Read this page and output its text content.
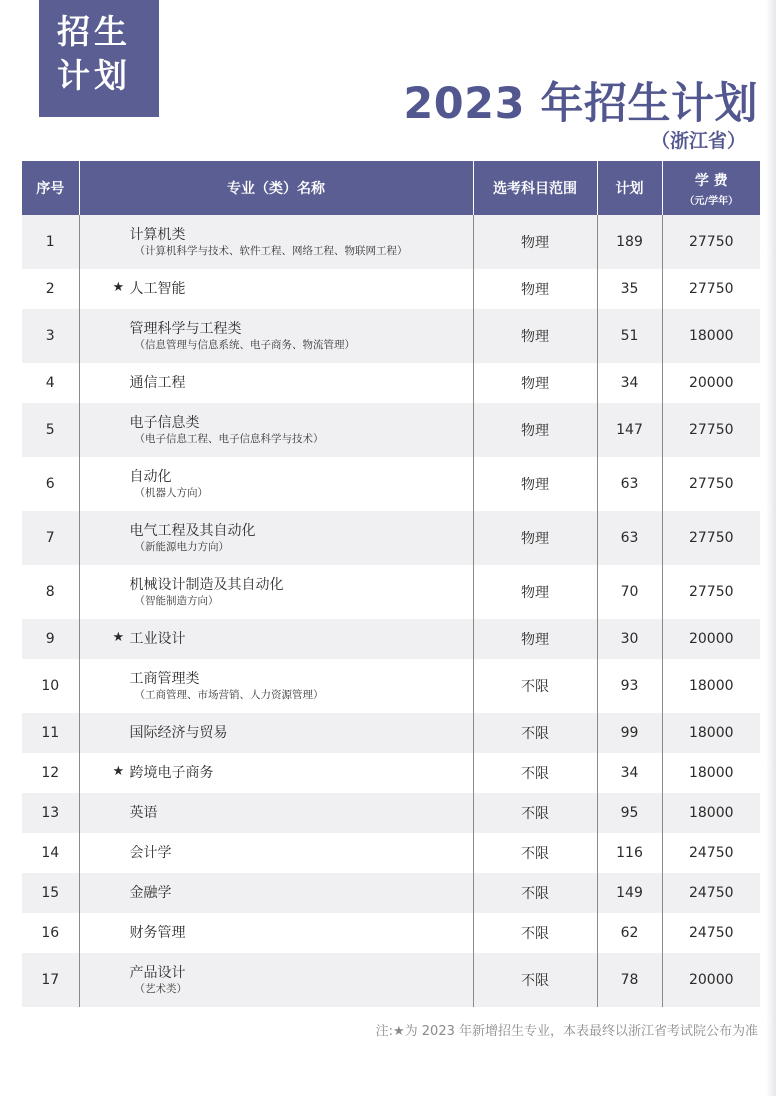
招生
计划
2023 年招生计划
（浙江省）
序号	专业（类）名称	选考科目范围	计划	学 费
（元/学年）

1	计算机类
（计算机科学与技术、软件工程、网络工程、物联网工程）	物理	189	27750
2	★ 人工智能	物理	35	27750
3	管理科学与工程类
（信息管理与信息系统、电子商务、物流管理）	物理	51	18000
4	通信工程	物理	34	20000
5	电子信息类
（电子信息工程、电子信息科学与技术）	物理	147	27750
6	自动化
（机器人方向）	物理	63	27750
7	电气工程及其自动化
（新能源电力方向）	物理	63	27750
8	机械设计制造及其自动化
（智能制造方向）	物理	70	27750
9	★ 工业设计	物理	30	20000
10	工商管理类
（工商管理、市场营销、人力资源管理）	不限	93	18000
11	国际经济与贸易	不限	99	18000
12	★ 跨境电子商务	不限	34	18000
13	英语	不限	95	18000
14	会计学	不限	116	24750
15	金融学	不限	149	24750
16	财务管理	不限	62	24750
17	产品设计
（艺术类）	不限	78	20000
注:★为 2023 年新增招生专业，本表最终以浙江省考试院公布为准
